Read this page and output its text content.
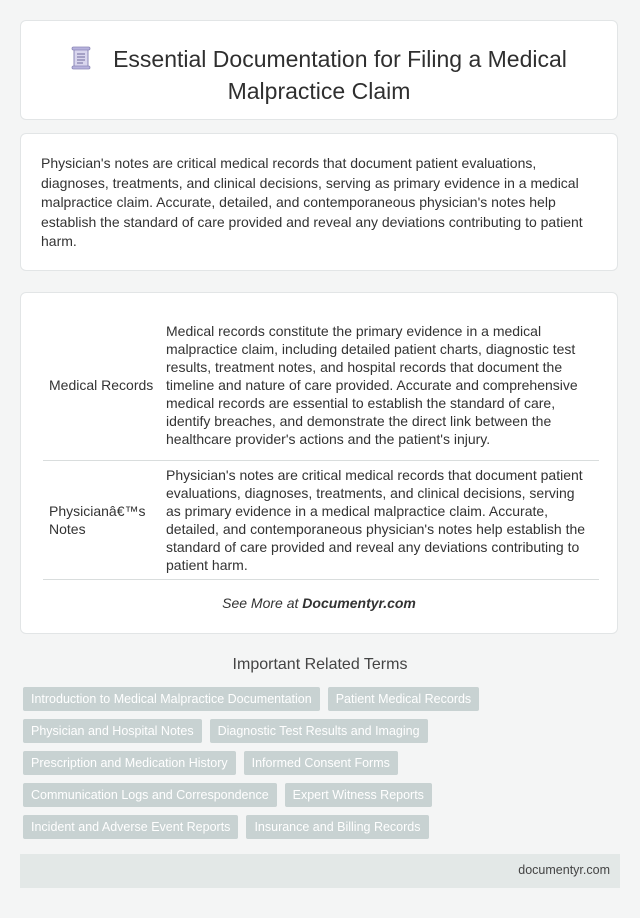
Essential Documentation for Filing a Medical
Malpractice Claim
Physician's notes are critical medical records that document patient evaluations, diagnoses, treatments, and clinical decisions, serving as primary evidence in a medical malpractice claim. Accurate, detailed, and contemporaneous physician's notes help establish the standard of care provided and reveal any deviations contributing to patient harm.
Medical Records	Medical records constitute the primary evidence in a medical malpractice claim, including detailed patient charts, diagnostic test results, treatment notes, and hospital records that document the timeline and nature of care provided. Accurate and comprehensive medical records are essential to establish the standard of care, identify breaches, and demonstrate the direct link between the healthcare provider's actions and the patient's injury.
Physicianâ€™s Notes	Physician's notes are critical medical records that document patient evaluations, diagnoses, treatments, and clinical decisions, serving as primary evidence in a medical malpractice claim. Accurate, detailed, and contemporaneous physician's notes help establish the standard of care provided and reveal any deviations contributing to patient harm.
See More at Documentyr.com
Important Related Terms
Introduction to Medical Malpractice Documentation	Patient Medical Records
Physician and Hospital Notes	Diagnostic Test Results and Imaging
Prescription and Medication History	Informed Consent Forms
Communication Logs and Correspondence	Expert Witness Reports
Incident and Adverse Event Reports	Insurance and Billing Records
documentyr.com
